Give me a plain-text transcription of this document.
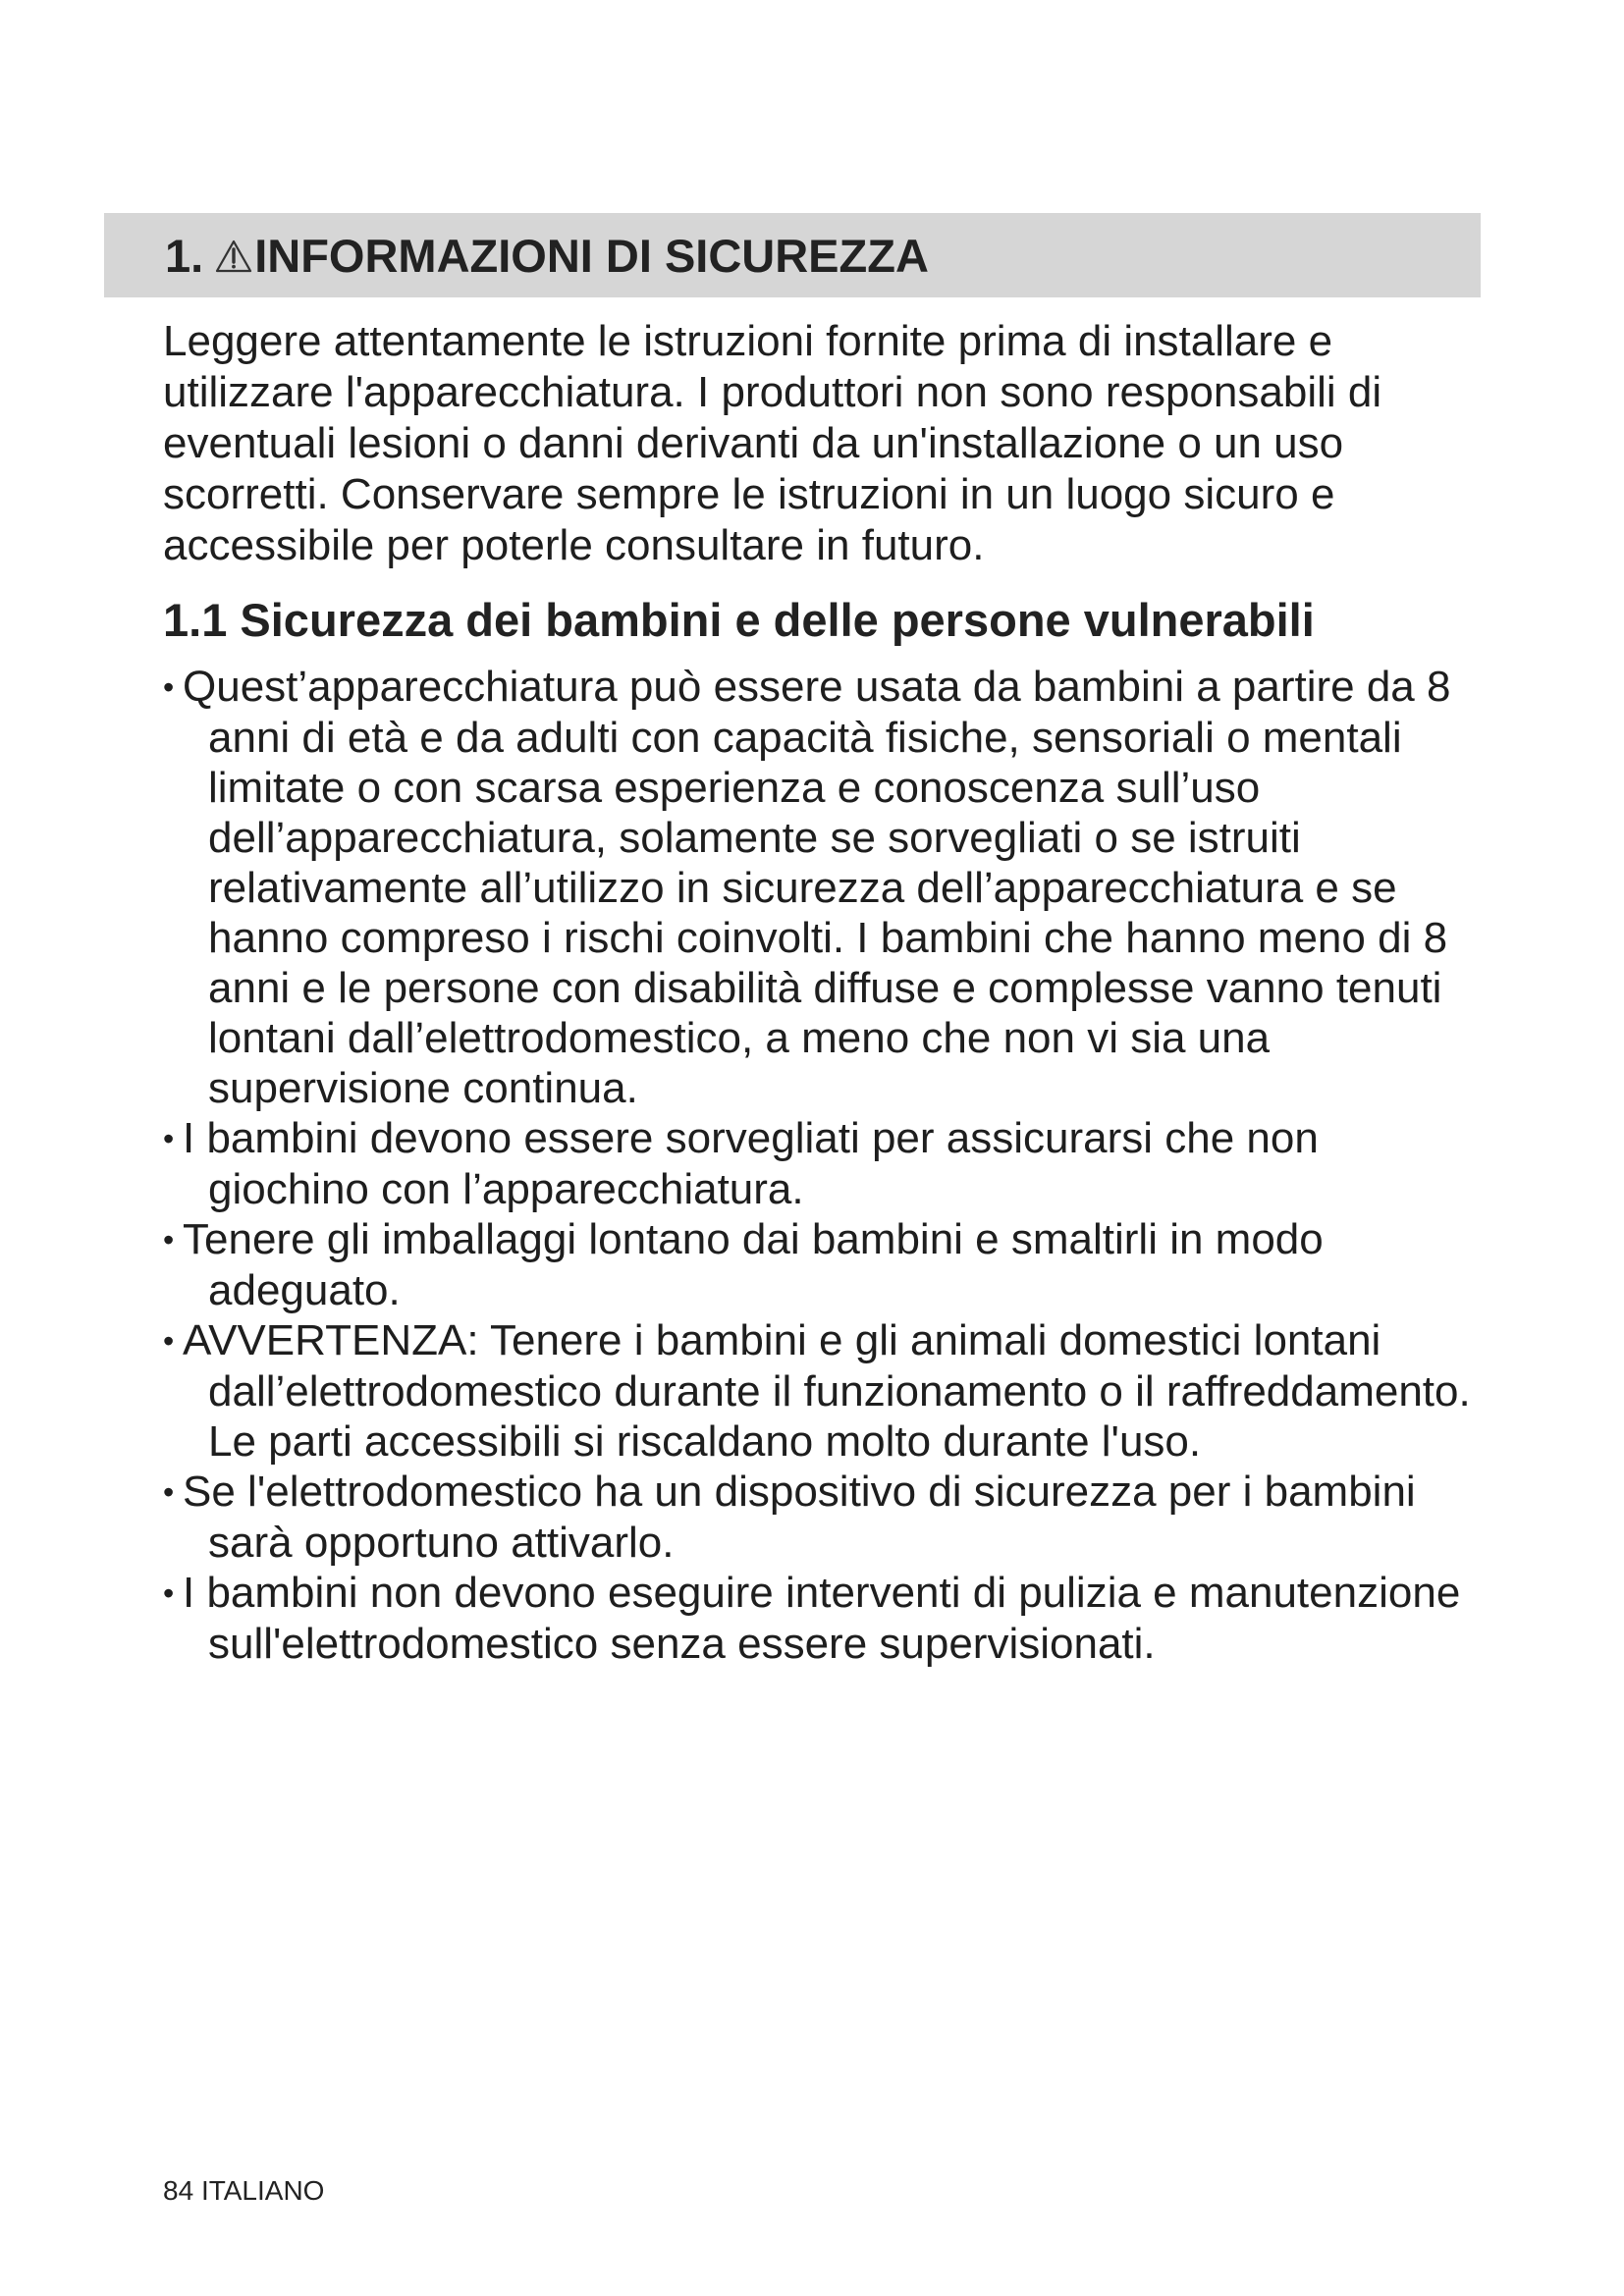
1. INFORMAZIONI DI SICUREZZA

Leggere attentamente le istruzioni fornite prima di installare e utilizzare l'apparecchiatura. I produttori non sono responsabili di eventuali lesioni o danni derivanti da un'installazione o un uso scorretti. Conservare sempre le istruzioni in un luogo sicuro e accessibile per poterle consultare in futuro.

1.1 Sicurezza dei bambini e delle persone vulnerabili
• Quest’apparecchiatura può essere usata da bambini a partire da 8 anni di età e da adulti con capacità fisiche, sensoriali o mentali limitate o con scarsa esperienza e conoscenza sull’uso dell’apparecchiatura, solamente se sorvegliati o se istruiti relativamente all’utilizzo in sicurezza dell’apparecchiatura e se hanno compreso i rischi coinvolti. I bambini che hanno meno di 8 anni e le persone con disabilità diffuse e complesse vanno tenuti lontani dall’elettrodomestico, a meno che non vi sia una supervisione continua.
• I bambini devono essere sorvegliati per assicurarsi che non giochino con l’apparecchiatura.
• Tenere gli imballaggi lontano dai bambini e smaltirli in modo adeguato.
• AVVERTENZA: Tenere i bambini e gli animali domestici lontani dall’elettrodomestico durante il funzionamento o il raffreddamento. Le parti accessibili si riscaldano molto durante l'uso.
• Se l'elettrodomestico ha un dispositivo di sicurezza per i bambini sarà opportuno attivarlo.
• I bambini non devono eseguire interventi di pulizia e manutenzione sull'elettrodomestico senza essere supervisionati.
84 ITALIANO
